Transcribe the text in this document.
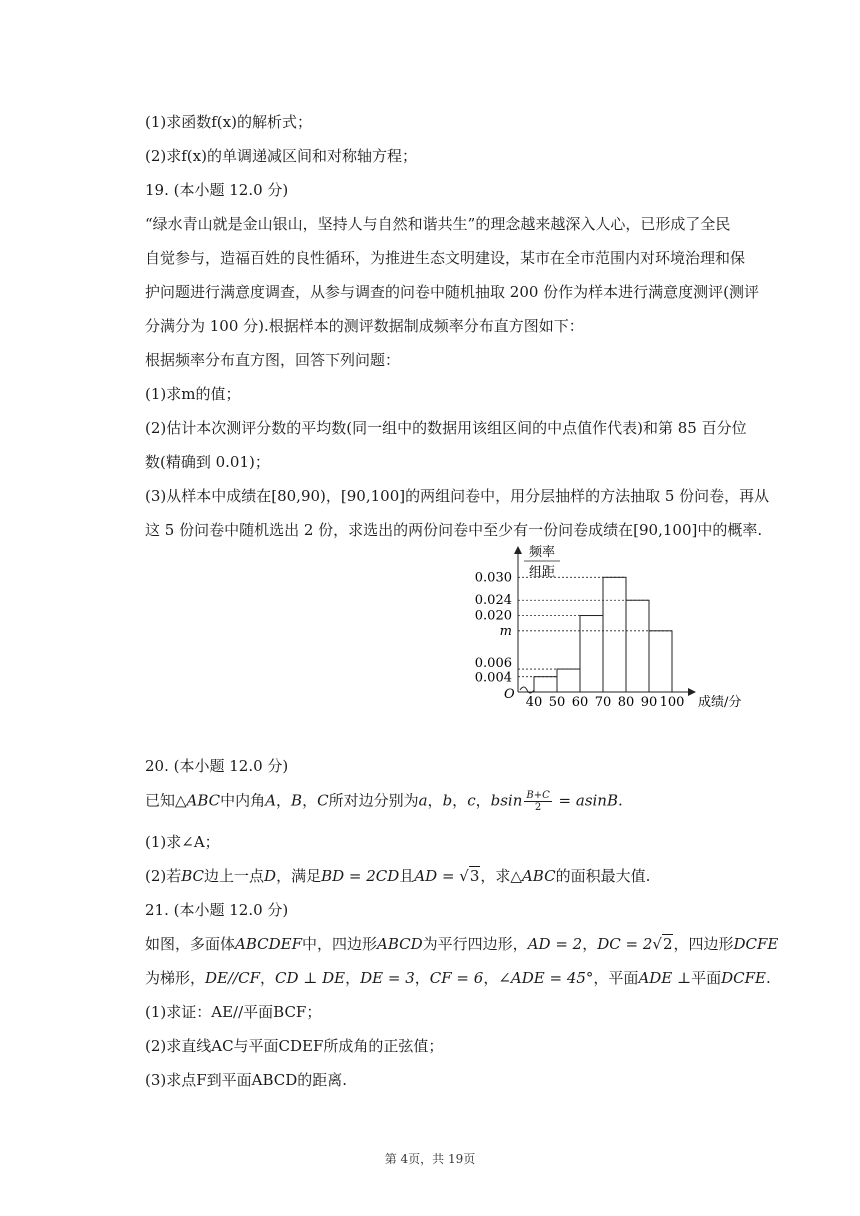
(1)求函数f(x)的解析式；
(2)求f(x)的单调递减区间和对称轴方程；
19. (本小题 12.0 分)
“绿水青山就是金山银山，坚持人与自然和谐共生”的理念越来越深入人心，已形成了全民
自觉参与，造福百姓的良性循环，为推进生态文明建设，某市在全市范围内对环境治理和保
护问题进行满意度调查，从参与调查的问卷中随机抽取 200 份作为样本进行满意度测评(测评
分满分为 100 分).根据样本的测评数据制成频率分布直方图如下：
根据频率分布直方图，回答下列问题：
(1)求m的值；
(2)估计本次测评分数的平均数(同一组中的数据用该组区间的中点值作代表)和第 85 百分位
数(精确到 0.01)；
(3)从样本中成绩在[80,90)，[90,100]的两组问卷中，用分层抽样的方法抽取 5 份问卷，再从
这 5 份问卷中随机选出 2 份，求选出的两份问卷中至少有一份问卷成绩在[90,100]中的概率.
频率
组距
O
成绩/分
0.030
0.024
0.020
m
0.006
0.004
40 50 60 70 80 90 100
20. (本小题 12.0 分)
已知△ABC中内角A，B，C所对边分别为a，b，c，bsin $\frac{B+C}{2} = asinB$.
(1)求∠A；
(2)若BC边上一点D，满足BD = 2CD且AD = √3，求△ABC的面积最大值.
21. (本小题 12.0 分)
如图，多面体ABCDEF中，四边形ABCD为平行四边形，AD = 2，DC = 2√2，四边形DCFE
为梯形，DE//CF，CD ⊥ DE，DE = 3，CF = 6，∠ADE = 45°，平面ADE ⊥平面DCFE.
(1)求证：AE//平面BCF；
(2)求直线AC与平面CDEF所成角的正弦值；
(3)求点F到平面ABCD的距离.
第 4页，共 19页
